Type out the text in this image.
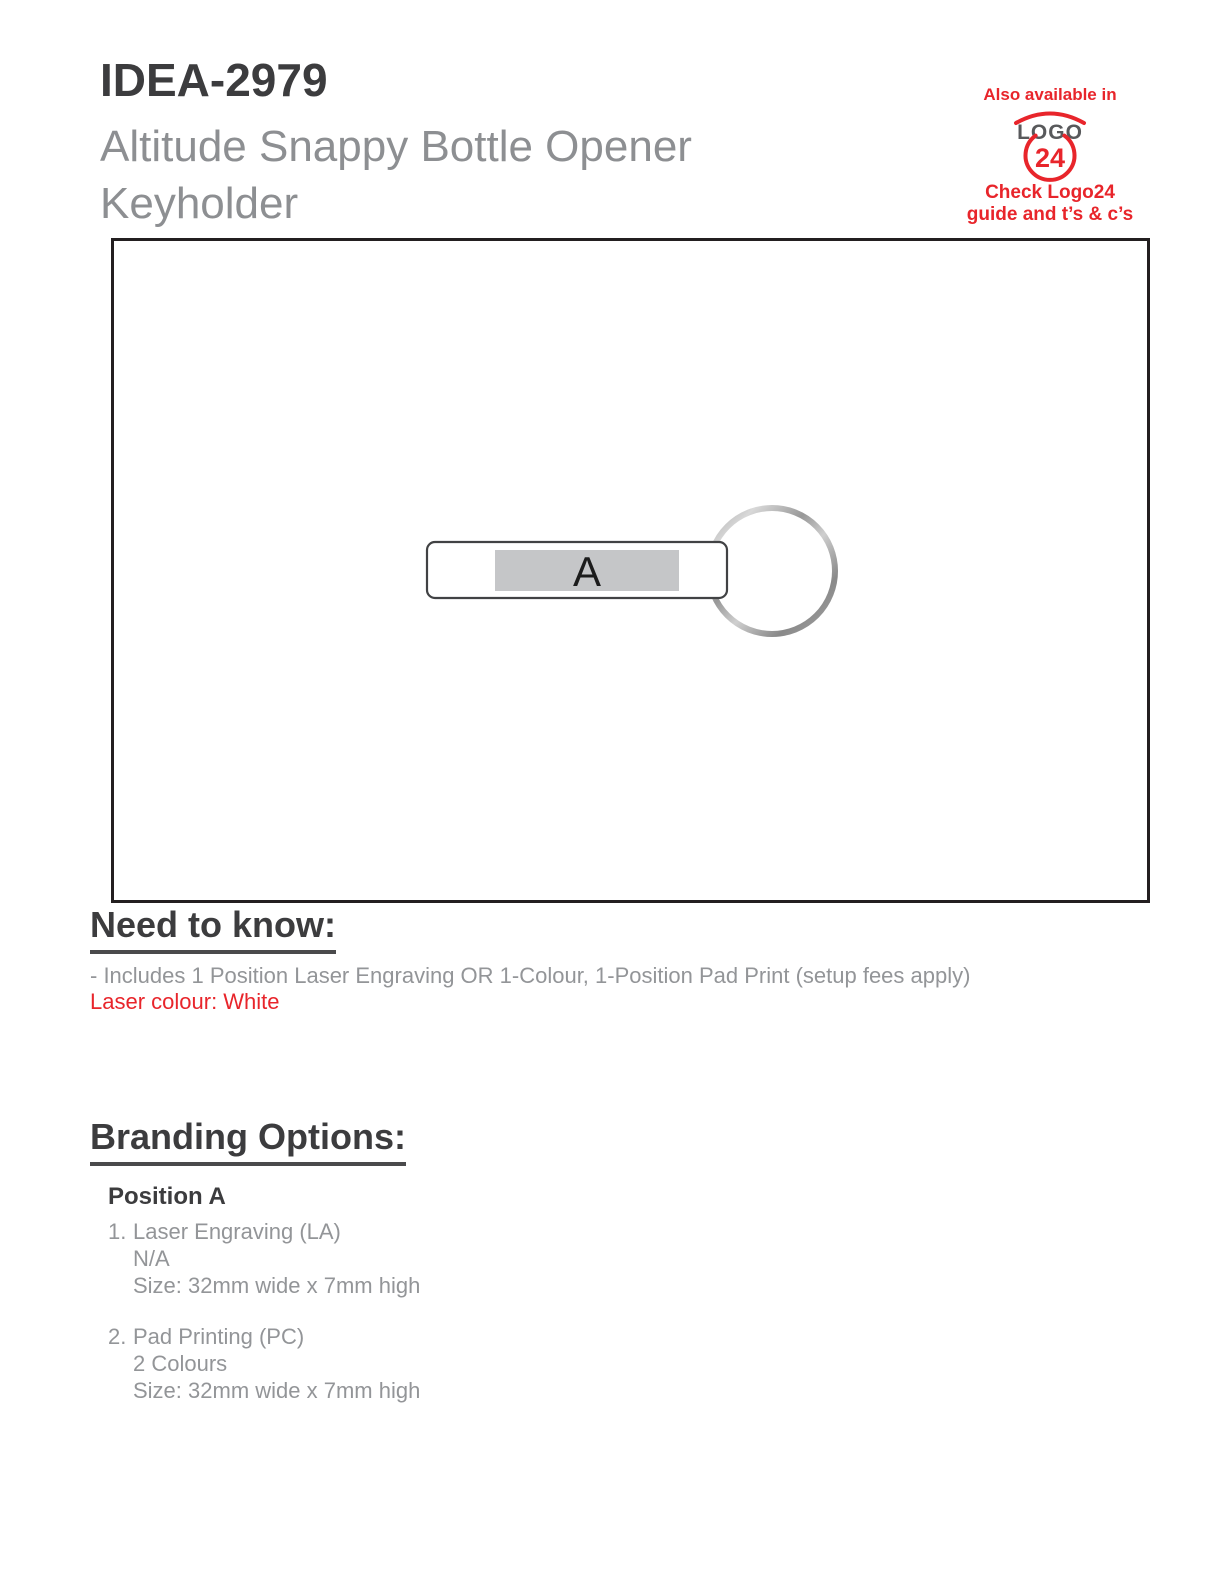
IDEA-2979
Altitude Snappy Bottle Opener Keyholder
Also available in
LOGO
24
Check Logo24
guide and t’s & c’s
A
Need to know:
- Includes 1 Position Laser Engraving OR 1-Colour, 1-Position Pad Print (setup fees apply)
Laser colour: White
Branding Options:
Position A
1. Laser Engraving (LA)
N/A
Size: 32mm wide x 7mm high
2. Pad Printing (PC)
2 Colours
Size: 32mm wide x 7mm high
